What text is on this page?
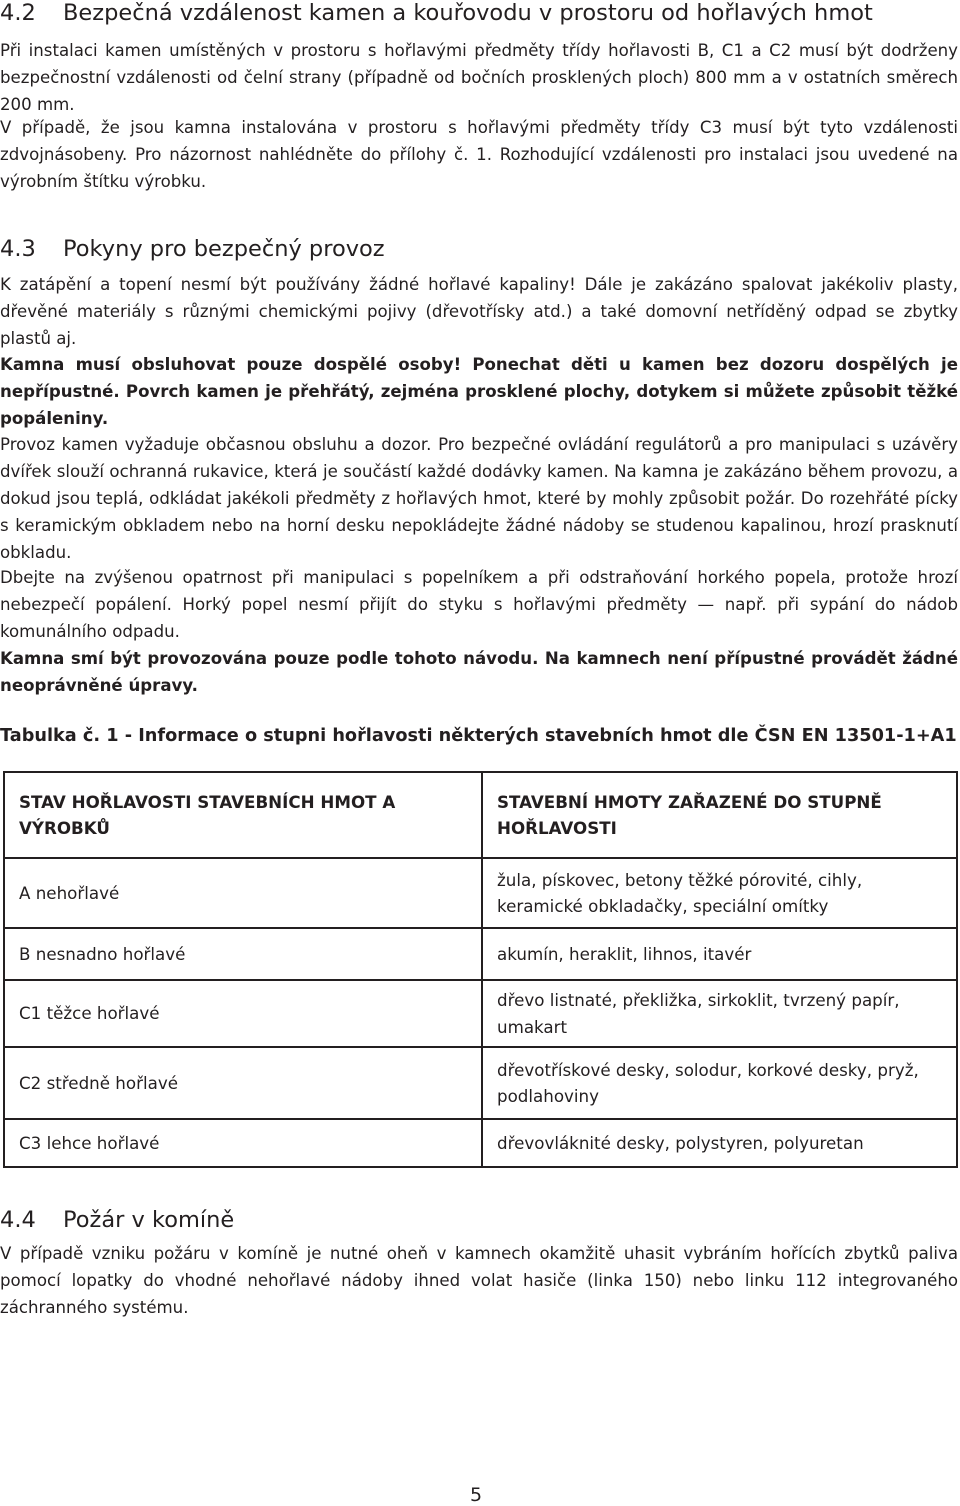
4.2 Bezpečná vzdálenost kamen a kouřovodu v prostoru od hořlavých hmot

Při instalaci kamen umístěných v prostoru s hořlavými předměty třídy hořlavosti B, C1 a C2 musí být dodrženy bezpečnostní vzdálenosti od čelní strany (případně od bočních prosklených ploch) 800 mm a v ostatních směrech 200 mm.

V případě, že jsou kamna instalována v prostoru s hořlavými předměty třídy C3 musí být tyto vzdálenosti zdvojnásobeny. Pro názornost nahlédněte do přílohy č. 1. Rozhodující vzdálenosti pro instalaci jsou uvedené na výrobním štítku výrobku.

4.3 Pokyny pro bezpečný provoz

K zatápění a topení nesmí být používány žádné hořlavé kapaliny! Dále je zakázáno spalovat jakékoliv plasty, dřevěné materiály s různými chemickými pojivy (dřevotřísky atd.) a také domovní netříděný odpad se zbytky plastů aj.

Kamna musí obsluhovat pouze dospělé osoby! Ponechat děti u kamen bez dozoru dospělých je nepřípustné. Povrch kamen je přehřátý, zejména prosklené plochy, dotykem si můžete způsobit těžké popáleniny.

Provoz kamen vyžaduje občasnou obsluhu a dozor. Pro bezpečné ovládání regulátorů a pro manipulaci s uzávěry dvířek slouží ochranná rukavice, která je součástí každé dodávky kamen. Na kamna je zakázáno během provozu, a dokud jsou teplá, odkládat jakékoli předměty z hořlavých hmot, které by mohly způsobit požár. Do rozehřáté pícky s keramickým obkladem nebo na horní desku nepokládejte žádné nádoby se studenou kapalinou, hrozí prasknutí obkladu.

Dbejte na zvýšenou opatrnost při manipulaci s popelníkem a při odstraňování horkého popela, protože hrozí nebezpečí popálení. Horký popel nesmí přijít do styku s hořlavými předměty — např. při sypání do nádob komunálního odpadu.

Kamna smí být provozována pouze podle tohoto návodu. Na kamnech není přípustné provádět žádné neoprávněné úpravy.

Tabulka č. 1 - Informace o stupni hořlavosti některých stavebních hmot dle ČSN EN 13501-1+A1
STAV HOŘLAVOSTI STAVEBNÍCH HMOT A VÝROBKŮ	STAVEBNÍ HMOTY ZAŘAZENÉ DO STUPNĚ HOŘLAVOSTI
A nehořlavé	žula, pískovec, betony těžké pórovité, cihly, keramické obkladačky, speciální omítky
B nesnadno hořlavé	akumín, heraklit, lihnos, itavér
C1 těžce hořlavé	dřevo listnaté, překližka, sirkoklit, tvrzený papír, umakart
C2 středně hořlavé	dřevotřískové desky, solodur, korkové desky, pryž, podlahoviny
C3 lehce hořlavé	dřevovláknité desky, polystyren, polyuretan
4.4 Požár v komíně

V případě vzniku požáru v komíně je nutné oheň v kamnech okamžitě uhasit vybráním hořících zbytků paliva pomocí lopatky do vhodné nehořlavé nádoby ihned volat hasiče (linka 150) nebo linku 112 integrovaného záchranného systému.

5
